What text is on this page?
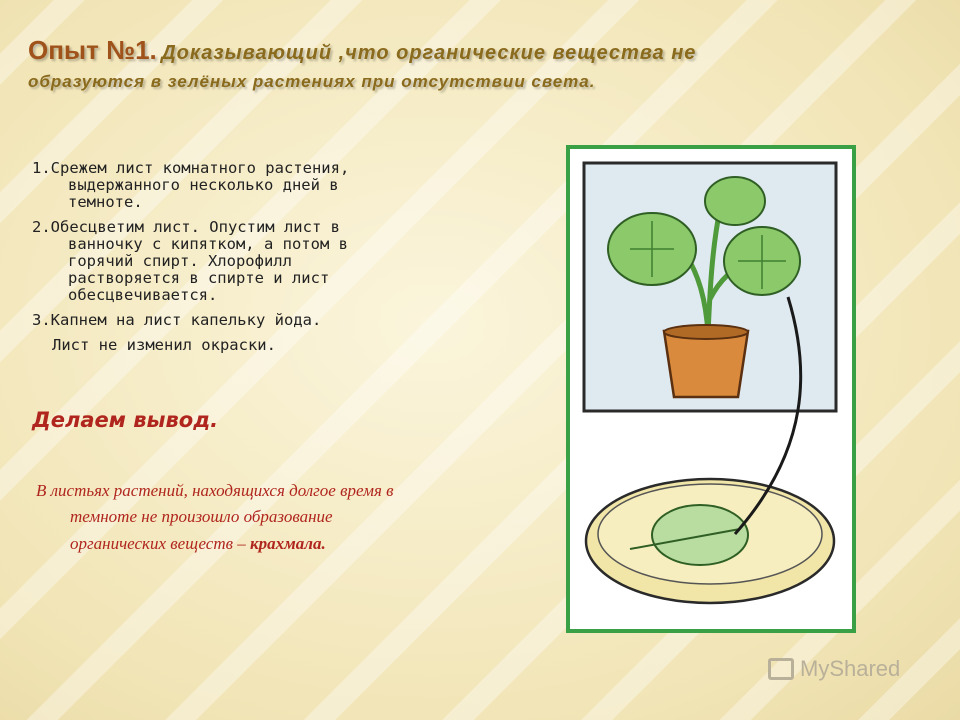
Опыт №1. Доказывающий ,что органические вещества не
образуются в зелёных растениях при отсутствии света.
1.Срежем лист комнатного растения,
выдержанного несколько дней в
темноте.
2.Обесцветим лист. Опустим лист в
ванночку с кипятком, а потом в
горячий спирт. Хлорофилл
растворяется в спирте и лист
обесцвечивается.
3.Капнем на лист капельку йода.
Лист не изменил окраски.
Делаем вывод.
В листьях растений, находящихся долгое время в
темноте не произошло образование
органических веществ – крахмала.
MyShared
